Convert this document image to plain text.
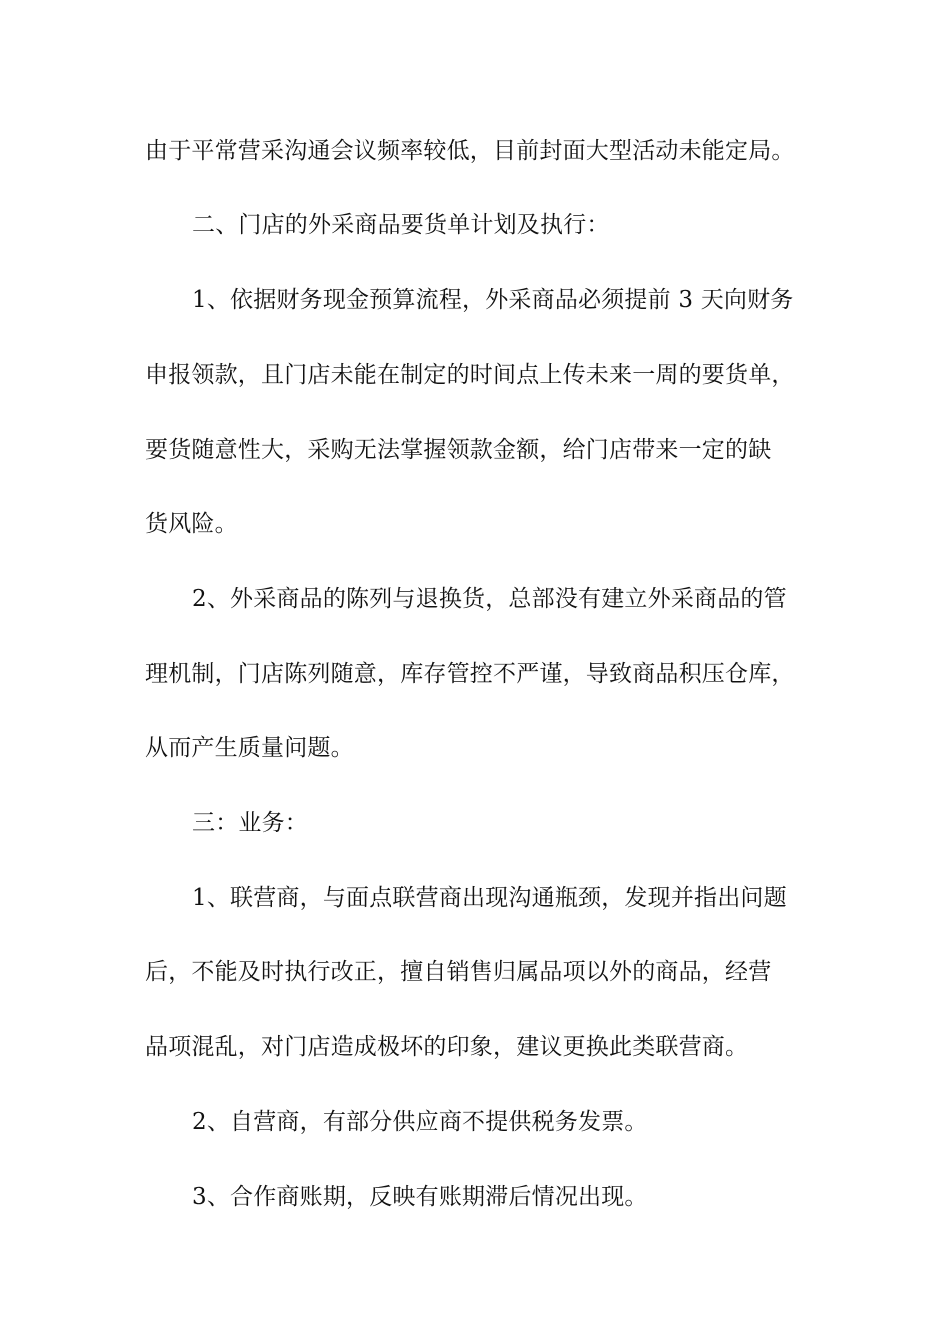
由于平常营采沟通会议频率较低，目前封面大型活动未能定局。

二、门店的外采商品要货单计划及执行：

1、依据财务现金预算流程，外采商品必须提前 3 天向财务

申报领款，且门店未能在制定的时间点上传未来一周的要货单，

要货随意性大，采购无法掌握领款金额，给门店带来一定的缺

货风险。

2、外采商品的陈列与退换货，总部没有建立外采商品的管

理机制，门店陈列随意，库存管控不严谨，导致商品积压仓库，

从而产生质量问题。

三：业务：

1、联营商，与面点联营商出现沟通瓶颈，发现并指出问题

后，不能及时执行改正，擅自销售归属品项以外的商品，经营

品项混乱，对门店造成极坏的印象，建议更换此类联营商。

2、自营商，有部分供应商不提供税务发票。

3、合作商账期，反映有账期滞后情况出现。
